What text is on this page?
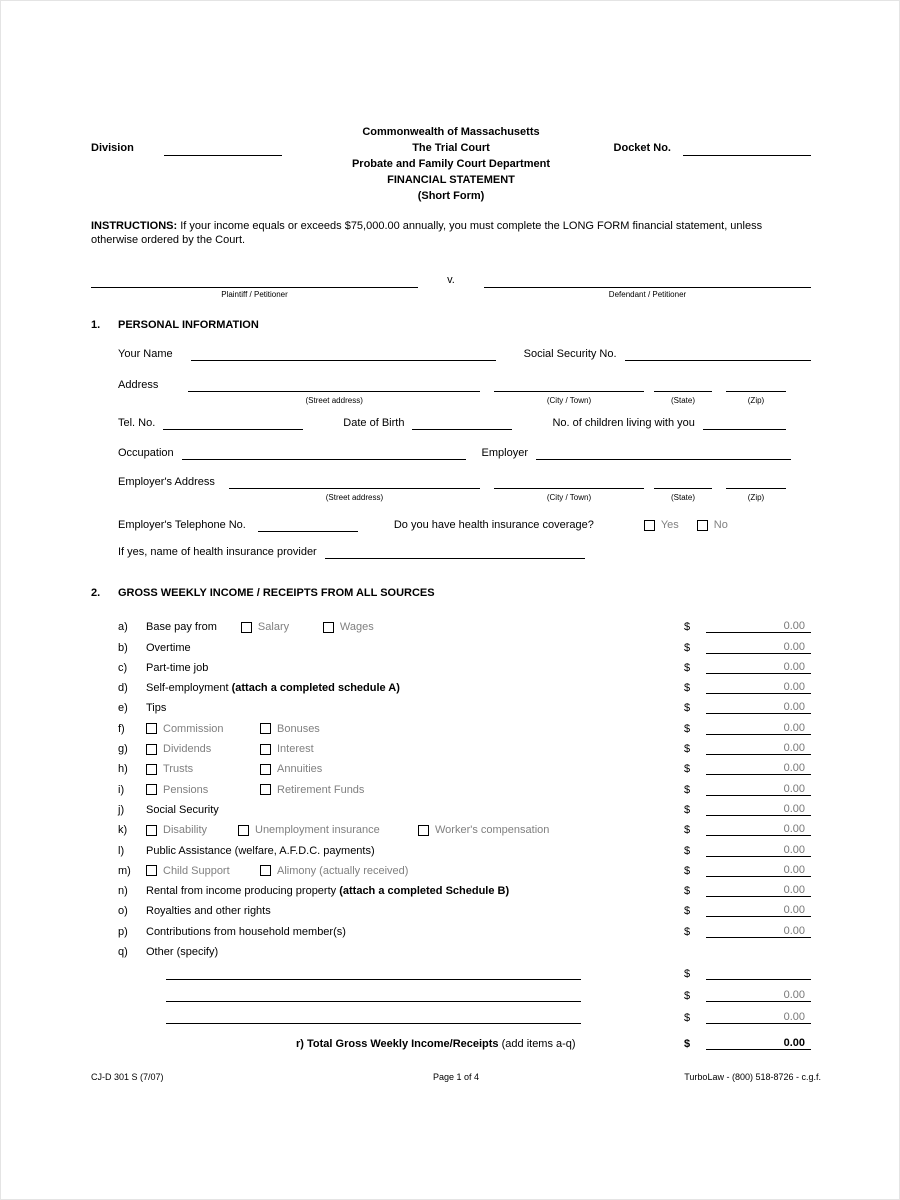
Commonwealth of Massachusetts
Division	The Trial Court	Docket No.
Probate and Family Court Department
FINANCIAL STATEMENT
(Short Form)
INSTRUCTIONS: If your income equals or exceeds $75,000.00 annually, you must complete the LONG FORM financial statement, unless otherwise ordered by the Court.
Plaintiff / Petitioner
v.
Defendant / Petitioner
1. PERSONAL INFORMATION
Your Name	Social Security No.
Address
(Street address)	(City / Town)	(State)	(Zip)
Tel. No.	Date of Birth	No. of children living with you
Occupation	Employer
Employer's Address
(Street address)	(City / Town)	(State)	(Zip)
Employer's Telephone No.	Do you have health insurance coverage?	Yes	No
If yes, name of health insurance provider
2. GROSS WEEKLY INCOME / RECEIPTS FROM ALL SOURCES
a)	Base pay from	Salary	Wages	$	0.00
b)	Overtime	$	0.00
c)	Part-time job	$	0.00
d)	Self-employment (attach a completed schedule A)	$	0.00
e)	Tips	$	0.00
f)	Commission	Bonuses	$	0.00
g)	Dividends	Interest	$	0.00
h)	Trusts	Annuities	$	0.00
i)	Pensions	Retirement Funds	$	0.00
j)	Social Security	$	0.00
k)	Disability	Unemployment insurance	Worker's compensation	$	0.00
l)	Public Assistance (welfare, A.F.D.C. payments)	$	0.00
m)	Child Support	Alimony (actually received)	$	0.00
n)	Rental from income producing property (attach a completed Schedule B)	$	0.00
o)	Royalties and other rights	$	0.00
p)	Contributions from household member(s)	$	0.00
q)	Other (specify)
$
$	0.00
$	0.00
r) Total Gross Weekly Income/Receipts (add items a-q)	$	0.00
CJ-D 301 S (7/07)	Page 1 of 4	TurboLaw - (800) 518-8726 - c.g.f.
